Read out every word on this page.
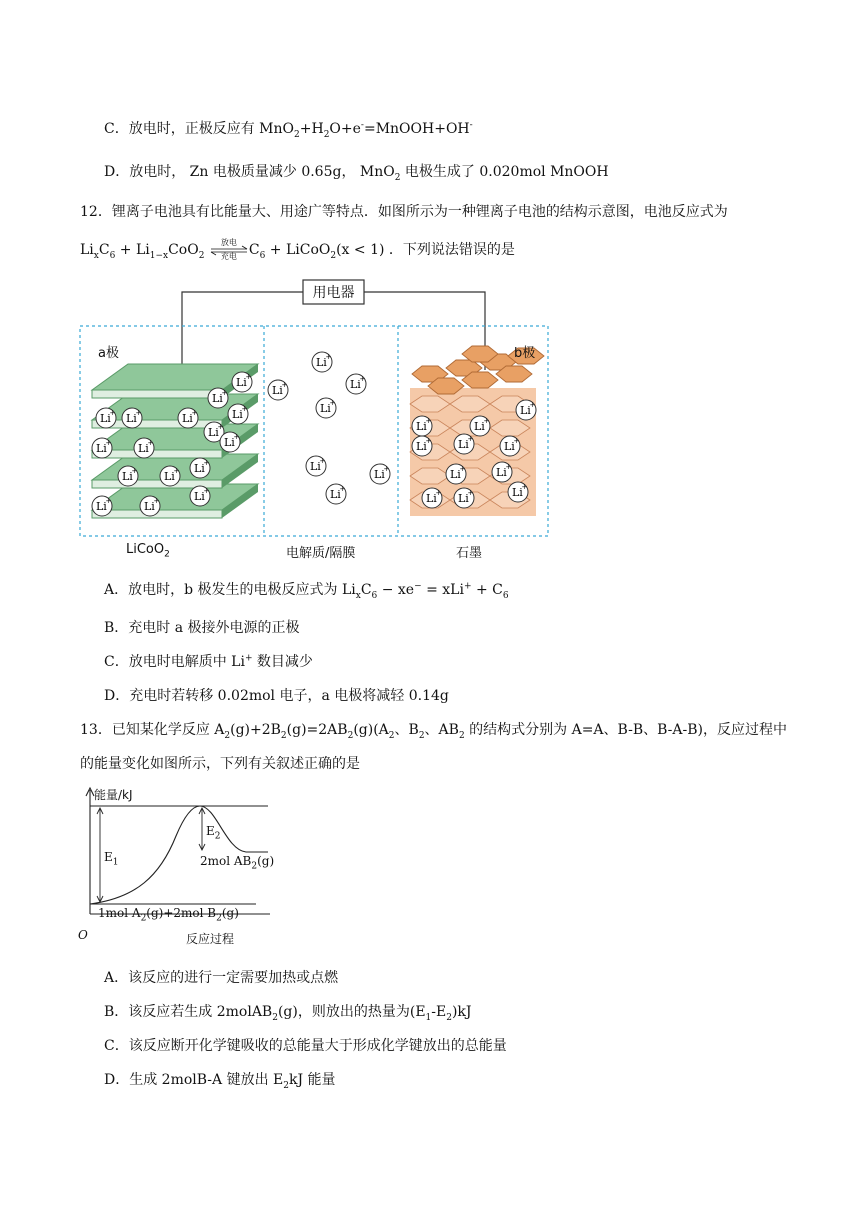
C．放电时，正极反应有 $MnO_2+H_2O+e^-=MnOOH+OH^-$
D．放电时， Zn 电极质量减少 0.65g， MnO$_2$ 电极生成了 0.020mol MnOOH
12．锂离子电池具有比能量大、用途广等特点．如图所示为一种锂离子电池的结构示意图，电池反应式为
$Li_xC_6 + Li_{1-x}CoO_2$
放电
充电 $C_6$ + LiCoO$_2$(x < 1) ．下列说法错误的是
Li
+
Li
+ Li
+	Li
+
Li
+
Li
+
Li
+
Li
+ Li
+	Li
+
Li
+ Li
+ Li
+
Li
+	Li
+	Li
+
Li
+
Li
+	Li
+
Li
+
Li
+
Li
+
Li
+
Li
+
Li
+	Li
+
Li
+
Li
+
Li
+
Li
+	Li
+
Li
+ Li
+	Li
+
用电器
a极	b极
LiCoO$_2$	电解质/隔膜	石墨
A．放电时，b 极发生的电极反应式为 $Li_xC_6 - xe^- = xLi^+ + C_6$
B．充电时 a 极接外电源的正极
C．放电时电解质中 Li+ 数目减少
D．充电时若转移 0.02mol 电子，a 电极将减轻 0.14g
13．已知某化学反应 $A_2(g)+2B_2(g)=2AB_2(g)(A_2$、$B_2$、$AB_2$ 的结构式分别为 A=A、B-B、B-A-B)，反应过程中
的能量变化如图所示，下列有关叙述正确的是
能量/kJ
$E_1$
$E_2$
2mol $AB_2(g)$
1mol $A_2(g)+2mol$ $B_2(g)$
O	反应过程
A．该反应的进行一定需要加热或点燃
B．该反应若生成 2molAB$_2$(g)，则放出的热量为$(E_1-E_2)kJ$
C．该反应断开化学键吸收的总能量大于形成化学键放出的总能量
D．生成 2molB-A 键放出 $E_2kJ$ 能量
